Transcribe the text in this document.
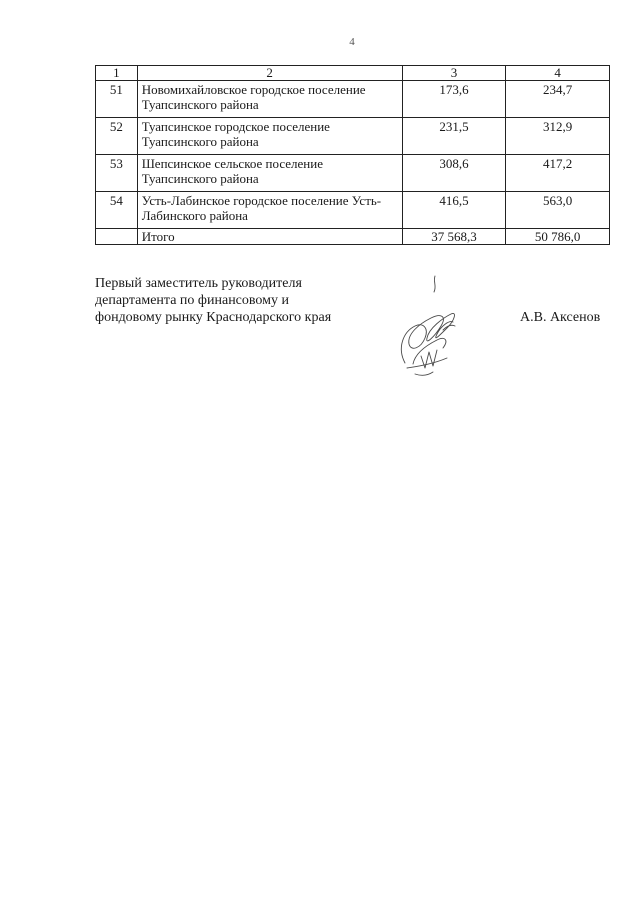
4
1	2	3	4
51	Новомихайловское городское поселение Туапсинского района	173,6	234,7
52	Туапсинское городское поселение Туапсинского района	231,5	312,9
53	Шепсинское сельское поселение Туапсинского района	308,6	417,2
54	Усть-Лабинское городское поселение Усть-Лабинского района	416,5	563,0
	Итого	37 568,3	50 786,0
Первый заместитель руководителя
департамента по финансовому и
фондовому рынку Краснодарского края	А.В. Аксенов
